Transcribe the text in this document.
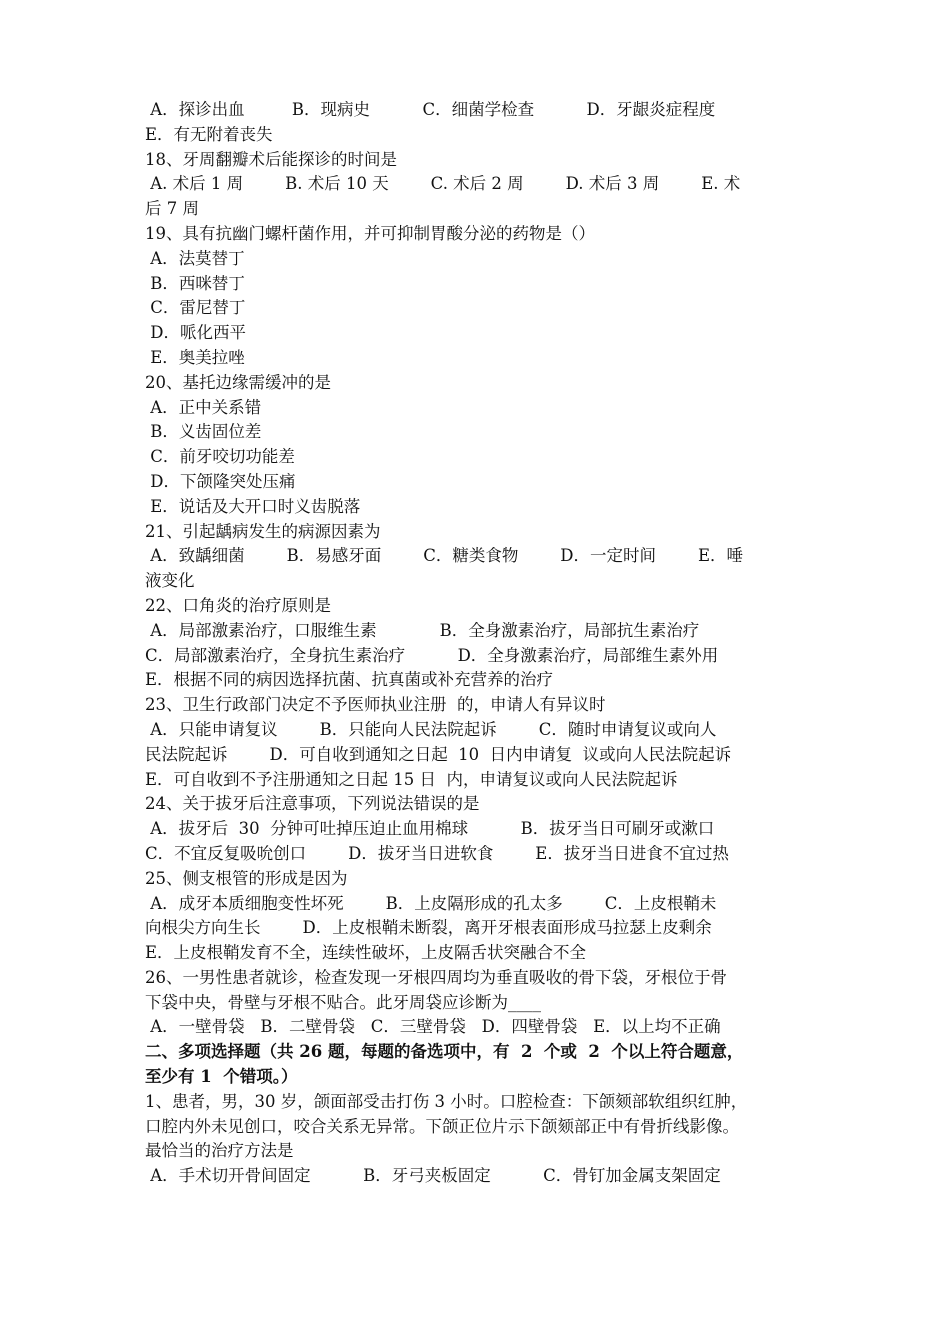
A．探诊出血         B．现病史          C．细菌学检查          D．牙龈炎症程度
E．有无附着丧失
18、牙周翻瓣术后能探诊的时间是
A. 术后 1 周        B. 术后 10 天        C. 术后 2 周        D. 术后 3 周        E. 术
后 7 周
19、具有抗幽门螺杆菌作用，并可抑制胃酸分泌的药物是（）
A．法莫替丁
B．西咪替丁
C．雷尼替丁
D．哌化西平
E．奥美拉唑
20、基托边缘需缓冲的是
A．正中关系错
B．义齿固位差
C．前牙咬切功能差
D．下颌隆突处压痛
E．说话及大开口时义齿脱落
21、引起龋病发生的病源因素为
A．致龋细菌        B．易感牙面        C．糖类食物        D．一定时间        E．唾
液变化
22、口角炎的治疗原则是
A．局部激素治疗，口服维生素            B．全身激素治疗，局部抗生素治疗
C．局部激素治疗，全身抗生素治疗          D．全身激素治疗，局部维生素外用
E．根据不同的病因选择抗菌、抗真菌或补充营养的治疗
23、卫生行政部门决定不予医师执业注册  的，申请人有异议时
A．只能申请复议        B．只能向人民法院起诉        C．随时申请复议或向人
民法院起诉        D．可自收到通知之日起  10  日内申请复  议或向人民法院起诉
E．可自收到不予注册通知之日起 15 日  内，申请复议或向人民法院起诉
24、关于拔牙后注意事项，下列说法错误的是
A．拔牙后  30  分钟可吐掉压迫止血用棉球          B．拔牙当日可刷牙或漱口
C．不宜反复吸吮创口        D．拔牙当日进软食        E．拔牙当日进食不宜过热
25、侧支根管的形成是因为
A．成牙本质细胞变性坏死        B．上皮隔形成的孔太多        C．上皮根鞘未
向根尖方向生长        D．上皮根鞘未断裂，离开牙根表面形成马拉瑟上皮剩余
E．上皮根鞘发育不全，连续性破坏，上皮隔舌状突融合不全
26、一男性患者就诊，检查发现一牙根四周均为垂直吸收的骨下袋，牙根位于骨
下袋中央，骨壁与牙根不贴合。此牙周袋应诊断为____
A．一壁骨袋   B．二壁骨袋   C．三壁骨袋   D．四壁骨袋   E．以上均不正确
二、多项选择题（共 26 题，每题的备选项中，有  2  个或  2  个以上符合题意，
至少有 1  个错项。）
1、患者，男，30 岁，颌面部受击打伤 3 小时。口腔检查：下颌颏部软组织红肿，
口腔内外未见创口，咬合关系无异常。下颌正位片示下颌颏部正中有骨折线影像。
最恰当的治疗方法是
A．手术切开骨间固定          B．牙弓夹板固定          C．骨钉加金属支架固定
